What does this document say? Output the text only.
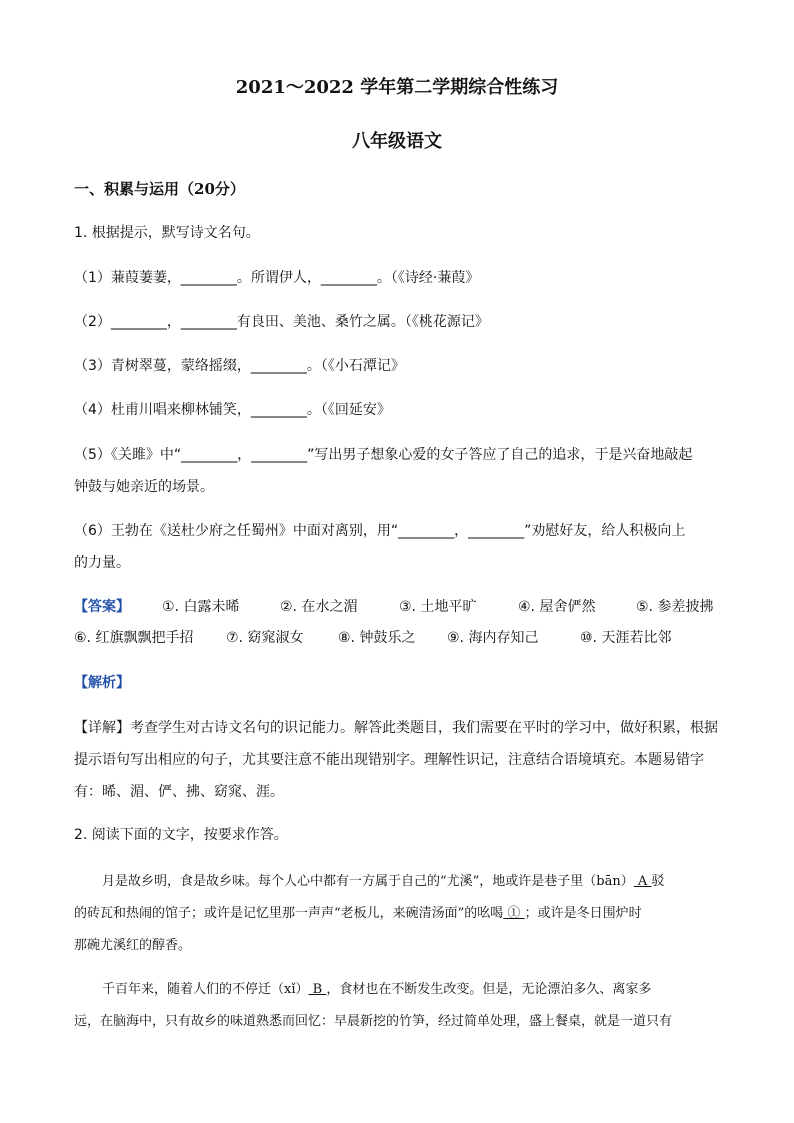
2021～2022 学年第二学期综合性练习
八年级语文
一、积累与运用（20分）
1. 根据提示，默写诗文名句。
（1）蒹葭萋萋，________。所谓伊人，________。（《诗经·蒹葭》
（2）________，________有良田、美池、桑竹之属。（《桃花源记》
（3）青树翠蔓，蒙络摇缀，________。（《小石潭记》
（4）杜甫川唱来柳林铺笑，________。（《回延安》
（5）《关雎》中“________，________”写出男子想象心爱的女子答应了自己的追求，于是兴奋地敲起
钟鼓与她亲近的场景。
（6）王勃在《送杜少府之任蜀州》中面对离别，用“________，________”劝慰好友，给人积极向上
的力量。
【答案】 ①. 白露未晞	②. 在水之湄	③. 土地平旷	④. 屋舍俨然	⑤. 参差披拂
⑥. 红旗飘飘把手招 ⑦. 窈窕淑女 ⑧. 钟鼓乐之 ⑨. 海内存知己	⑩. 天涯若比邻
【解析】
【详解】考查学生对古诗文名句的识记能力。解答此类题目，我们需要在平时的学习中，做好积累，根据
提示语句写出相应的句子，尤其要注意不能出现错别字。理解性识记，注意结合语境填充。本题易错字
有：晞、湄、俨、拂、窈窕、涯。
2. 阅读下面的文字，按要求作答。
月是故乡明，食是故乡味。每个人心中都有一方属于自己的“尤溪”，地或许是巷子里（bān） A 驳
的砖瓦和热闹的馆子；或许是记忆里那一声声“老板儿，来碗清汤面”的吆喝 ① ；或许是冬日围炉时
那碗尤溪红的醇香。
千百年来，随着人们的不停迁（xǐ） B ，食材也在不断发生改变。但是，无论漂泊多久、离家多
远，在脑海中，只有故乡的味道熟悉而回忆：早晨新挖的竹笋，经过简单处理，盛上餐桌，就是一道只有
